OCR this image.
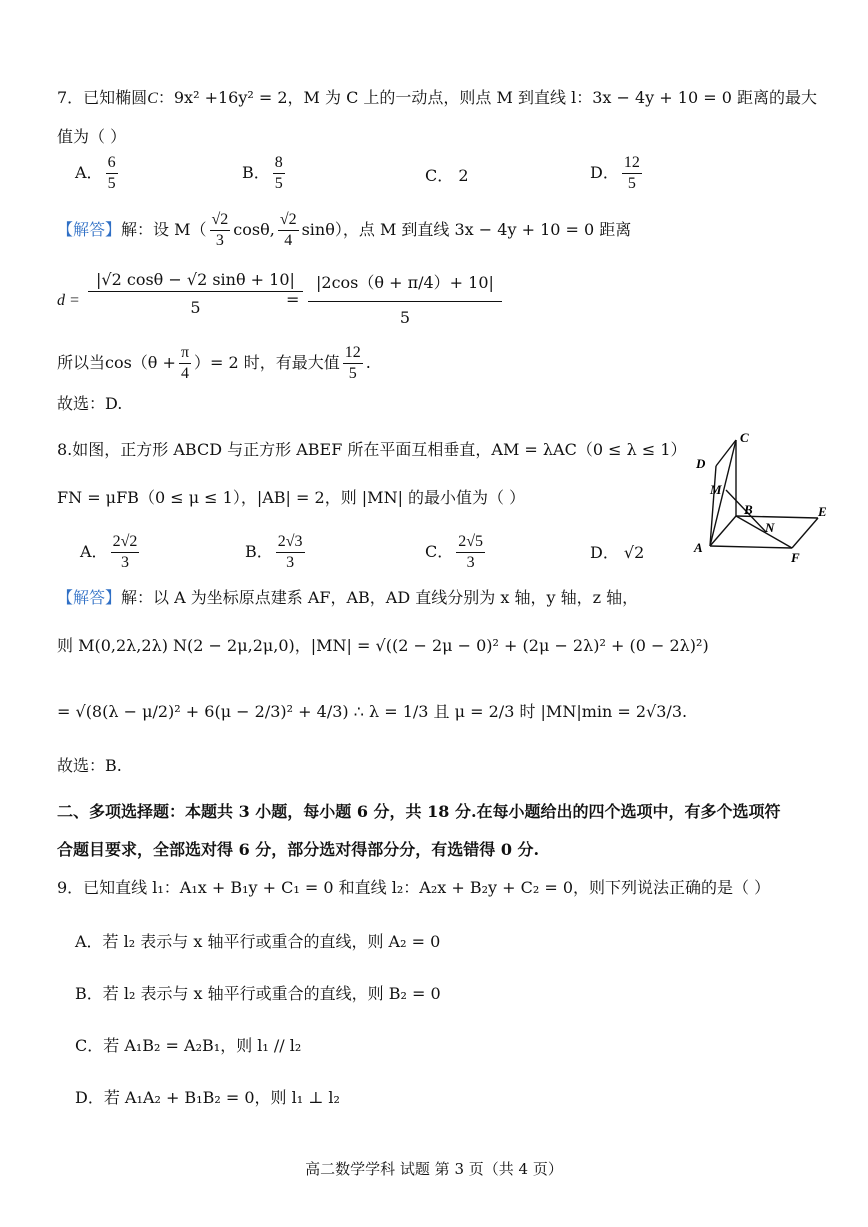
7．已知椭圆C：9x² +16y² = 2，M 为 C 上的一动点，则点 M 到直线 l：3x − 4y + 10 = 0 距离的最大
值为（ ）
A． $\frac{6}{5}$	B． $\frac{8}{5}$	C． 2	D． $\frac{12}{5}$
【解答】解：设 $M( \frac{√2}{3} \cos\theta$, $\frac{√2}{4} \sin\theta$），点 M 到直线 3x − 4y + 10 = 0 距离
$d = \frac{|√2 \cos\theta - √2 \sin\theta + 10|}{5}$
= $\frac{|2\cos(\theta + \pi/4)+ 10|}{5}$
所以当$\cos(\theta + \frac{\pi}{4}$ ）= 2 时，有最大值 $\frac{12}{5}$ .
故选：D.
8.如图，正方形 ABCD 与正方形 ABEF 所在平面互相垂直，AM = λAC（0 ≤ λ ≤ 1）
FN = μFB（0 ≤ μ ≤ 1），|AB| = 2，则 |MN| 的最小值为（ ）
A． $\frac{2√2}{3}$	B． $\frac{2√3}{3}$	C． $\frac{2√5}{3}$	D． √2
C
D
M
B	E
N
A
F
【解答】解：以 A 为坐标原点建系 AF，AB，AD 直线分别为 x 轴，y 轴，z 轴，
则 M(0,2λ,2λ) N(2 − 2μ,2μ,0)，|MN| = √((2 − 2μ − 0)² + (2μ − 2λ)² + (0 − 2λ)²)
= √(8(λ − μ/2)² + 6(μ − 2/3)² + 4/3) ∴ λ = 1/3 且 μ = 2/3 时 |MN|min = 2√3/3.
故选：B.
二、多项选择题：本题共 3 小题，每小题 6 分，共 18 分.在每小题给出的四个选项中，有多个选项符
合题目要求，全部选对得 6 分，部分选对得部分分，有选错得 0 分.
9．已知直线 l₁：A₁x + B₁y + C₁ = 0 和直线 l₂：A₂x + B₂y + C₂ = 0，则下列说法正确的是（ ）
A．若 l₂ 表示与 x 轴平行或重合的直线，则 A₂ = 0
B．若 l₂ 表示与 x 轴平行或重合的直线，则 B₂ = 0
C．若 A₁B₂ = A₂B₁，则 l₁ // l₂
D．若 A₁A₂ + B₁B₂ = 0，则 l₁ ⊥ l₂
高二数学学科 试题 第 3 页（共 4 页）
